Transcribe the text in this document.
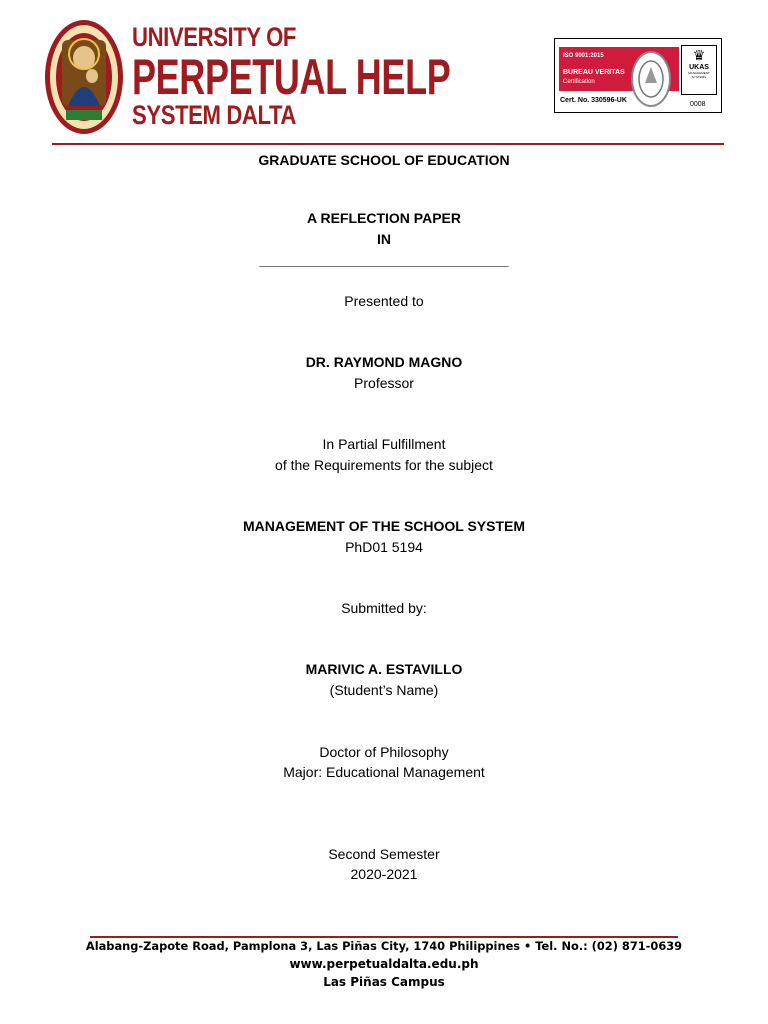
UNIVERSITY OF
PERPETUAL HELP
SYSTEM DALTA
ISO 9001:2015
BUREAU VERITAS
Certification
Cert. No. 330596-UK
♛
UKAS
MANAGEMENT SYSTEMS
0008
GRADUATE SCHOOL OF EDUCATION
A REFLECTION PAPER
IN
________________________________
Presented to
DR. RAYMOND MAGNO
Professor
In Partial Fulfillment
of the Requirements for the subject
MANAGEMENT OF THE SCHOOL SYSTEM
PhD01 5194
Submitted by:
MARIVIC A. ESTAVILLO
(Student’s Name)
Doctor of Philosophy
Major: Educational Management
Second Semester
2020-2021
Alabang-Zapote Road, Pamplona 3, Las Piñas City, 1740 Philippines • Tel. No.: (02) 871-0639
www.perpetualdalta.edu.ph
Las Piñas Campus
